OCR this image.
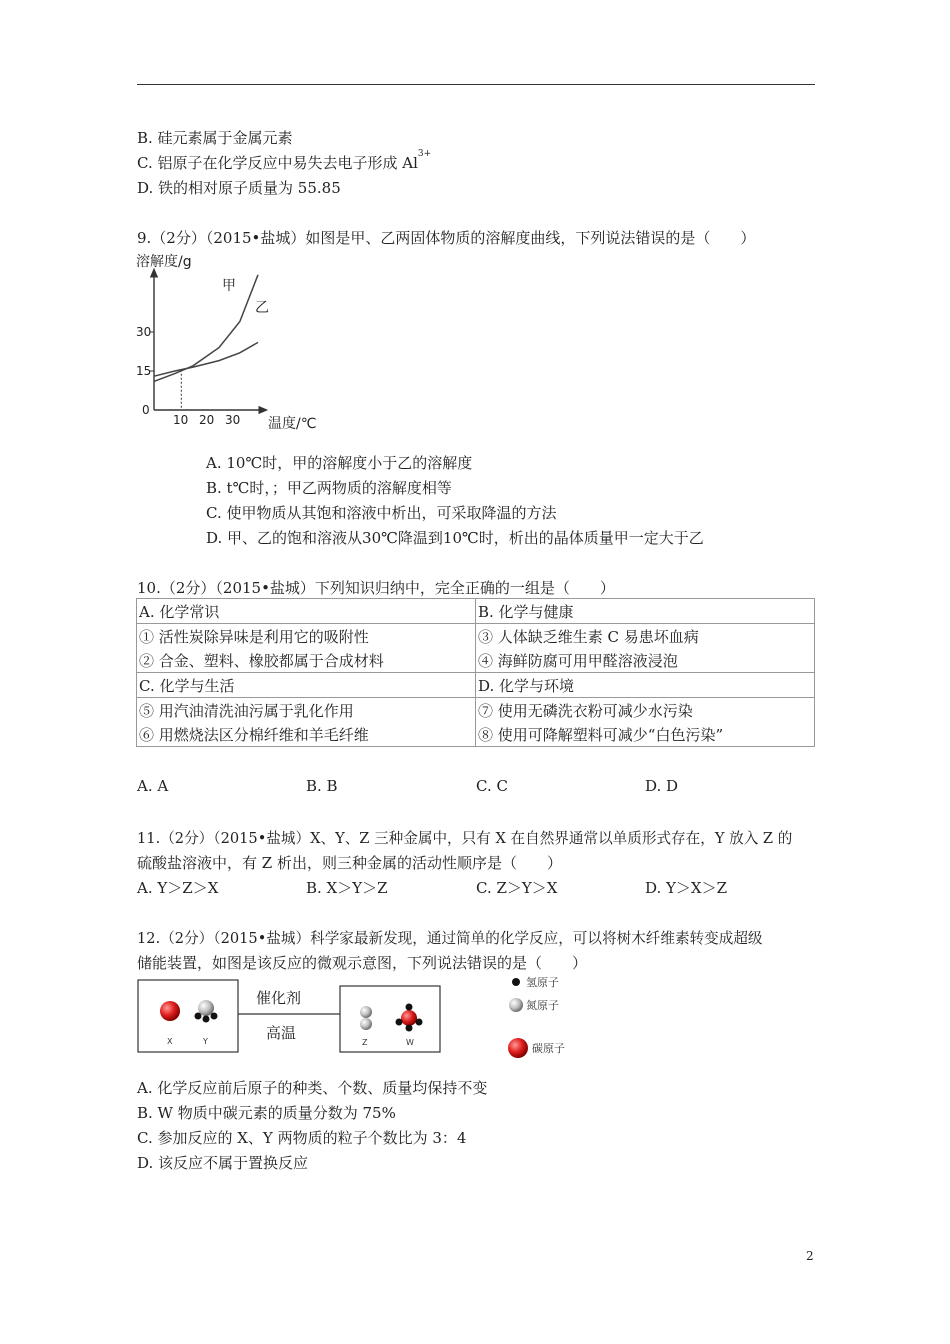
B. 硅元素属于金属元素
C. 铝原子在化学反应中易失去电子形成 $Al^{3+}$
D. 铁的相对原子质量为 55.85
9.（2分）（2015•盐城）如图是甲、乙两固体物质的溶解度曲线，下列说法错误的是（　　）
溶解度/g
温度/℃
0
15
30
10 20 30
甲
乙
A. 10℃时，甲的溶解度小于乙的溶解度
B. t℃时，；甲乙两物质的溶解度相等
C. 使甲物质从其饱和溶液中析出，可采取降温的方法
D. 甲、乙的饱和溶液从30℃降温到10℃时，析出的晶体质量甲一定大于乙
10.（2分）（2015•盐城）下列知识归纳中，完全正确的一组是（　　）
A. 化学常识	B. 化学与健康
① 活性炭除异味是利用它的吸附性	③ 人体缺乏维生素 C 易患坏血病
② 合金、塑料、橡胶都属于合成材料	④ 海鲜防腐可用甲醛溶液浸泡
C. 化学与生活	D. 化学与环境
⑤ 用汽油清洗油污属于乳化作用	⑦ 使用无磷洗衣粉可减少水污染
⑥ 用燃烧法区分棉纤维和羊毛纤维	⑧ 使用可降解塑料可减少“白色污染”
A. A	B. B	C. C	D. D
11.（2分）（2015•盐城）X、Y、Z 三种金属中，只有 X 在自然界通常以单质形式存在，Y 放入 Z 的
硫酸盐溶液中，有 Z 析出，则三种金属的活动性顺序是（　　）
A. Y＞Z＞X	B. X＞Y＞Z	C. Z＞Y＞X	D. Y＞X＞Z
12.（2分）（2015•盐城）科学家最新发现，通过简单的化学反应，可以将树木纤维素转变成超级
储能装置，如图是该反应的微观示意图，下列说法错误的是（　　）
X	Y
催化剂
高温
Z	W
氢原子
氮原子
碳原子
A. 化学反应前后原子的种类、个数、质量均保持不变
B. W 物质中碳元素的质量分数为 75%
C. 参加反应的 X、Y 两物质的粒子个数比为 3：4
D. 该反应不属于置换反应
2
